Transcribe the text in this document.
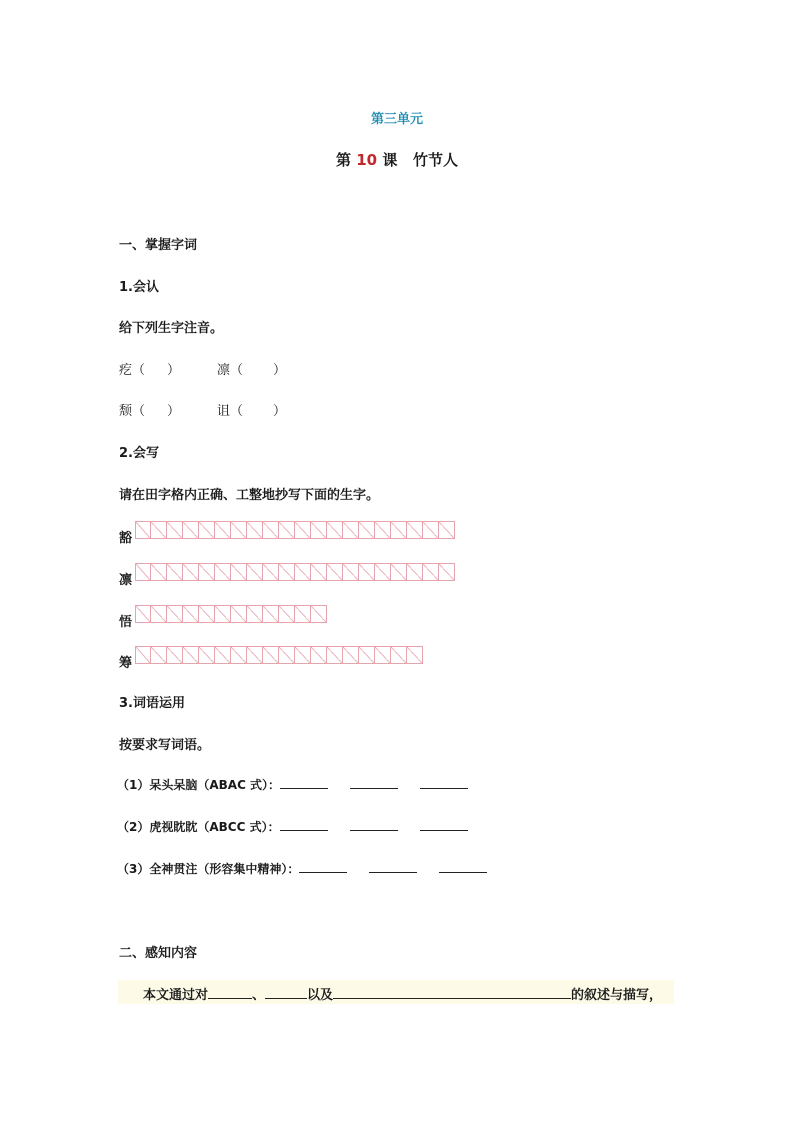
第三单元
第 10 课 竹节人
一、掌握字词
1.会认
给下列生字注音。
疙（ ）	凛（ ）
颓（ ）	诅（ ）
2.会写
请在田字格内正确、工整地抄写下面的生字。
豁
凛
悟
筹
3.词语运用
按要求写词语。
（1）呆头呆脑（ABAC 式）：
（2）虎视眈眈（ABCC 式）：
（3）全神贯注（形容集中精神）：
二、感知内容
本文通过对	、	以及	的叙述与描写，
